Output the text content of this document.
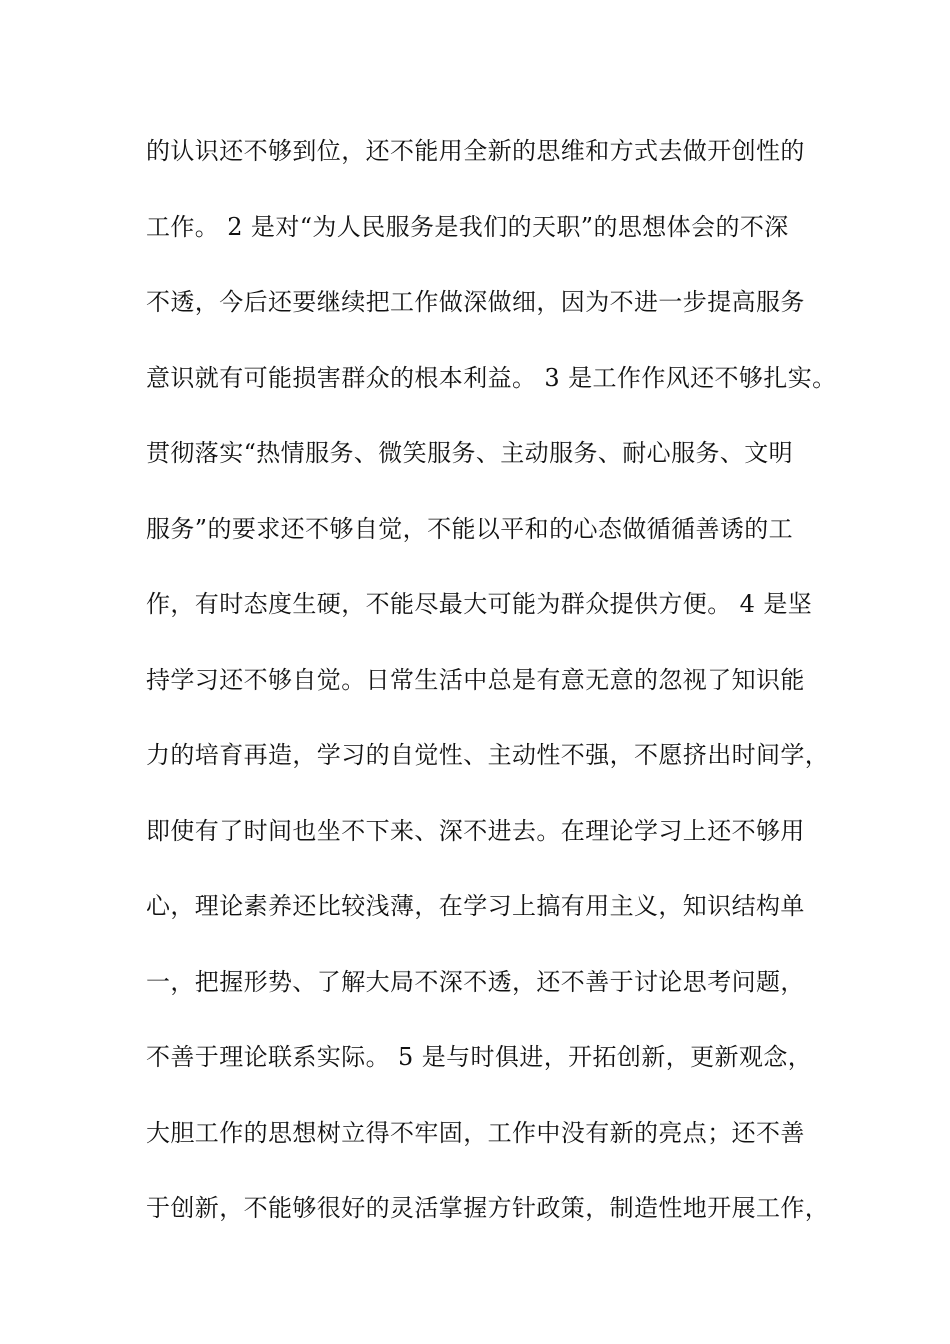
的认识还不够到位，还不能用全新的思维和方式去做开创性的
工作。 2 是对“为人民服务是我们的天职”的思想体会的不深
不透，今后还要继续把工作做深做细，因为不进一步提高服务
意识就有可能损害群众的根本利益。 3 是工作作风还不够扎实。
贯彻落实“热情服务、微笑服务、主动服务、耐心服务、文明
服务”的要求还不够自觉，不能以平和的心态做循循善诱的工
作，有时态度生硬，不能尽最大可能为群众提供方便。 4 是坚
持学习还不够自觉。日常生活中总是有意无意的忽视了知识能
力的培育再造，学习的自觉性、主动性不强，不愿挤出时间学，
即使有了时间也坐不下来、深不进去。在理论学习上还不够用
心，理论素养还比较浅薄，在学习上搞有用主义，知识结构单
一，把握形势、了解大局不深不透，还不善于讨论思考问题，
不善于理论联系实际。 5 是与时俱进，开拓创新，更新观念，
大胆工作的思想树立得不牢固，工作中没有新的亮点；还不善
于创新，不能够很好的灵活掌握方针政策，制造性地开展工作，
